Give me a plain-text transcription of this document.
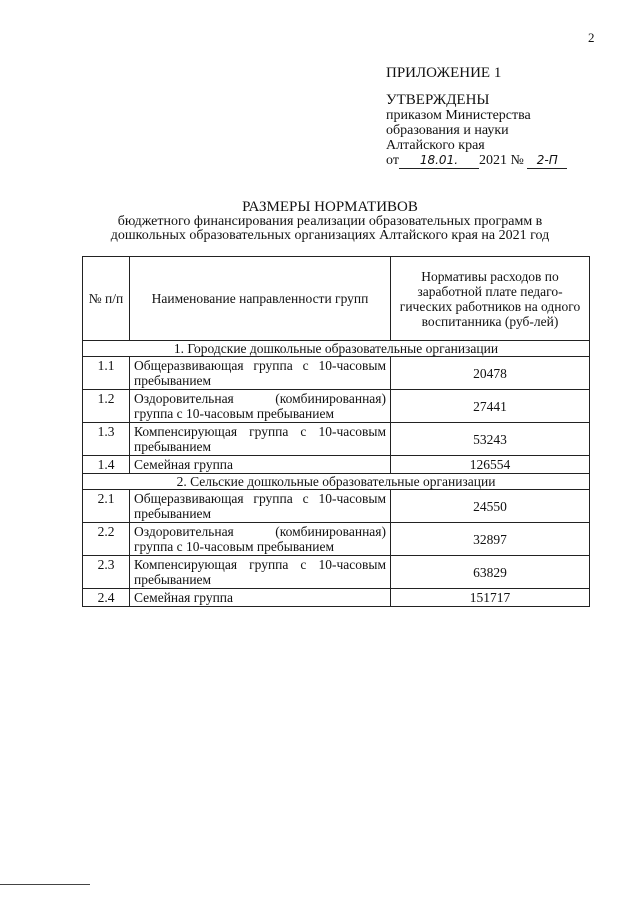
2
ПРИЛОЖЕНИЕ 1
УТВЕРЖДЕНЫ
приказом Министерства
образования и науки
Алтайского края
от 18.01. 2021 № 2-П
РАЗМЕРЫ НОРМАТИВОВ
бюджетного финансирования реализации образовательных программ в
дошкольных образовательных организациях Алтайского края на 2021 год
№ п/п	Наименование направленности групп	Нормативы расходов по заработной плате педаго-гических работников на одного воспитанника (руб-лей)
1. Городские дошкольные образовательные организации		
1.1	Общеразвивающая группа с 10-часовым пребыванием	20478
1.2	Оздоровительная (комбинированная) группа с 10-часовым пребыванием	27441
1.3	Компенсирующая группа с 10-часовым пребыванием	53243
1.4	Семейная группа	126554
2. Сельские дошкольные образовательные организации		
2.1	Общеразвивающая группа с 10-часовым пребыванием	24550
2.2	Оздоровительная (комбинированная) группа с 10-часовым пребыванием	32897
2.3	Компенсирующая группа с 10-часовым пребыванием	63829
2.4	Семейная группа	151717
